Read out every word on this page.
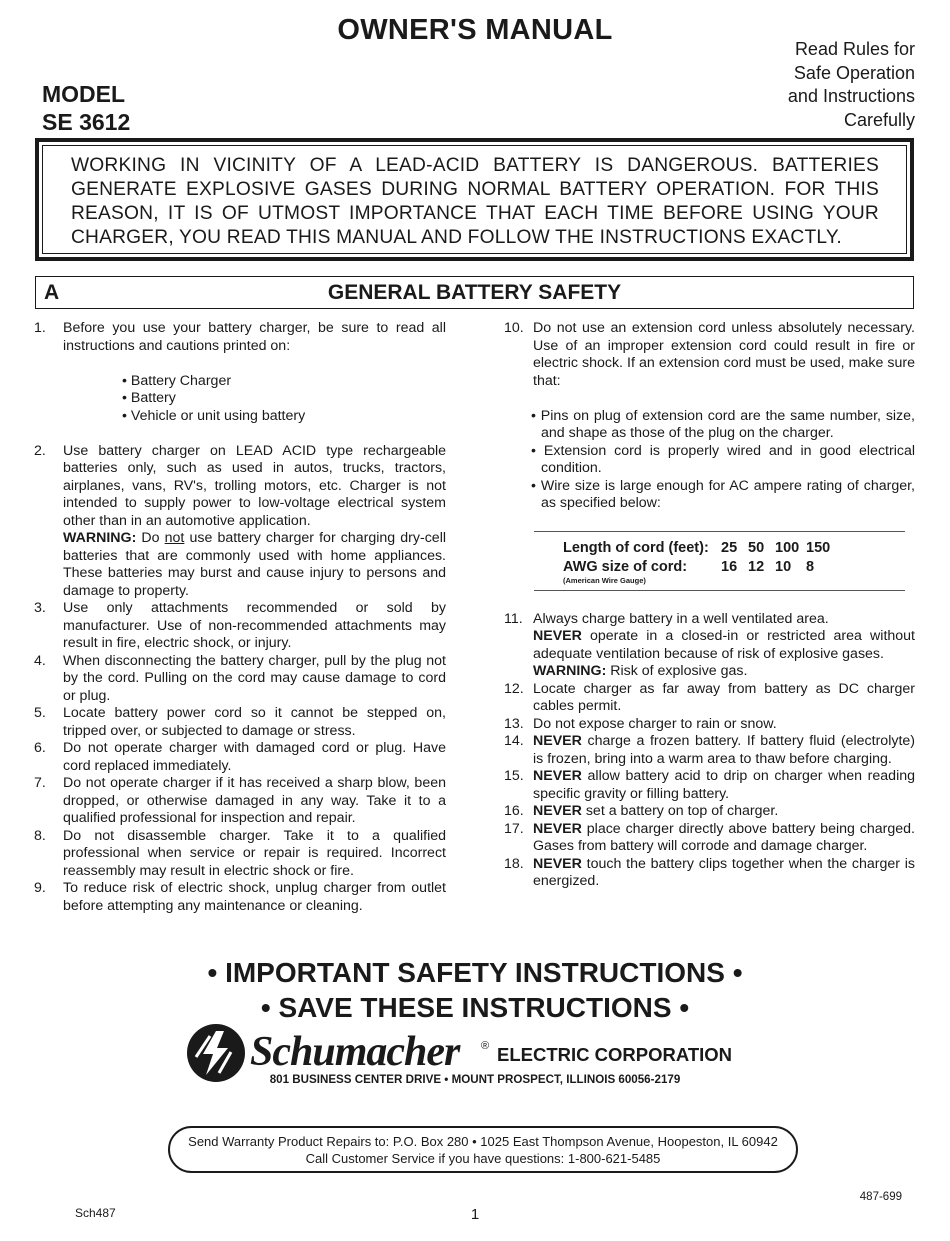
OWNER'S MANUAL
MODEL
SE 3612
Read Rules for
Safe Operation
and Instructions
Carefully
WORKING IN VICINITY OF A LEAD-ACID BATTERY IS DANGEROUS. BATTERIES GENERATE EXPLOSIVE GASES DURING NORMAL BATTERY OPERATION. FOR THIS REASON, IT IS OF UTMOST IMPORTANCE THAT EACH TIME BEFORE USING YOUR CHARGER, YOU READ THIS MANUAL AND FOLLOW THE INSTRUCTIONS EXACTLY.
A	GENERAL BATTERY SAFETY
1. Before you use your battery charger, be sure to read all instructions and cautions printed on:
• Battery Charger
• Battery
• Vehicle or unit using battery
2. Use battery charger on LEAD ACID type rechargeable batteries only, such as used in autos, trucks, tractors, airplanes, vans, RV's, trolling motors, etc. Charger is not intended to supply power to low-voltage electrical system other than in an automotive application.
WARNING: Do not use battery charger for charging dry-cell batteries that are commonly used with home appliances. These batteries may burst and cause injury to persons and damage to property.
3. Use only attachments recommended or sold by manufacturer. Use of non-recommended attachments may result in fire, electric shock, or injury.
4. When disconnecting the battery charger, pull by the plug not by the cord. Pulling on the cord may cause damage to cord or plug.
5. Locate battery power cord so it cannot be stepped on, tripped over, or subjected to damage or stress.
6. Do not operate charger with damaged cord or plug. Have cord replaced immediately.
7. Do not operate charger if it has received a sharp blow, been dropped, or otherwise damaged in any way. Take it to a qualified professional for inspection and repair.
8. Do not disassemble charger. Take it to a qualified professional when service or repair is required. Incorrect reassembly may result in electric shock or fire.
9. To reduce risk of electric shock, unplug charger from outlet before attempting any maintenance or cleaning.
10. Do not use an extension cord unless absolutely necessary. Use of an improper extension cord could result in fire or electric shock. If an extension cord must be used, make sure that:
• Pins on plug of extension cord are the same number, size, and shape as those of the plug on the charger.
• Extension cord is properly wired and in good electrical condition.
• Wire size is large enough for AC ampere rating of charger, as specified below:
Length of cord (feet): 25 50 100 150
AWG size of cord:	16 12 10	8
(American Wire Gauge)
11. Always charge battery in a well ventilated area.
NEVER operate in a closed-in or restricted area without adequate ventilation because of risk of explosive gases.
WARNING: Risk of explosive gas.
12. Locate charger as far away from battery as DC charger cables permit.
13. Do not expose charger to rain or snow.
14. NEVER charge a frozen battery. If battery fluid (electrolyte) is frozen, bring into a warm area to thaw before charging.
15. NEVER allow battery acid to drip on charger when reading specific gravity or filling battery.
16. NEVER set a battery on top of charger.
17. NEVER place charger directly above battery being charged. Gases from battery will corrode and damage charger.
18. NEVER touch the battery clips together when the charger is energized.
• IMPORTANT SAFETY INSTRUCTIONS •
• SAVE THESE INSTRUCTIONS •
Schumacher ® ELECTRIC CORPORATION
801 BUSINESS CENTER DRIVE • MOUNT PROSPECT, ILLINOIS 60056-2179
Send Warranty Product Repairs to: P.O. Box 280 • 1025 East Thompson Avenue, Hoopeston, IL 60942
Call Customer Service if you have questions: 1-800-621-5485
Sch487	1
487-699
